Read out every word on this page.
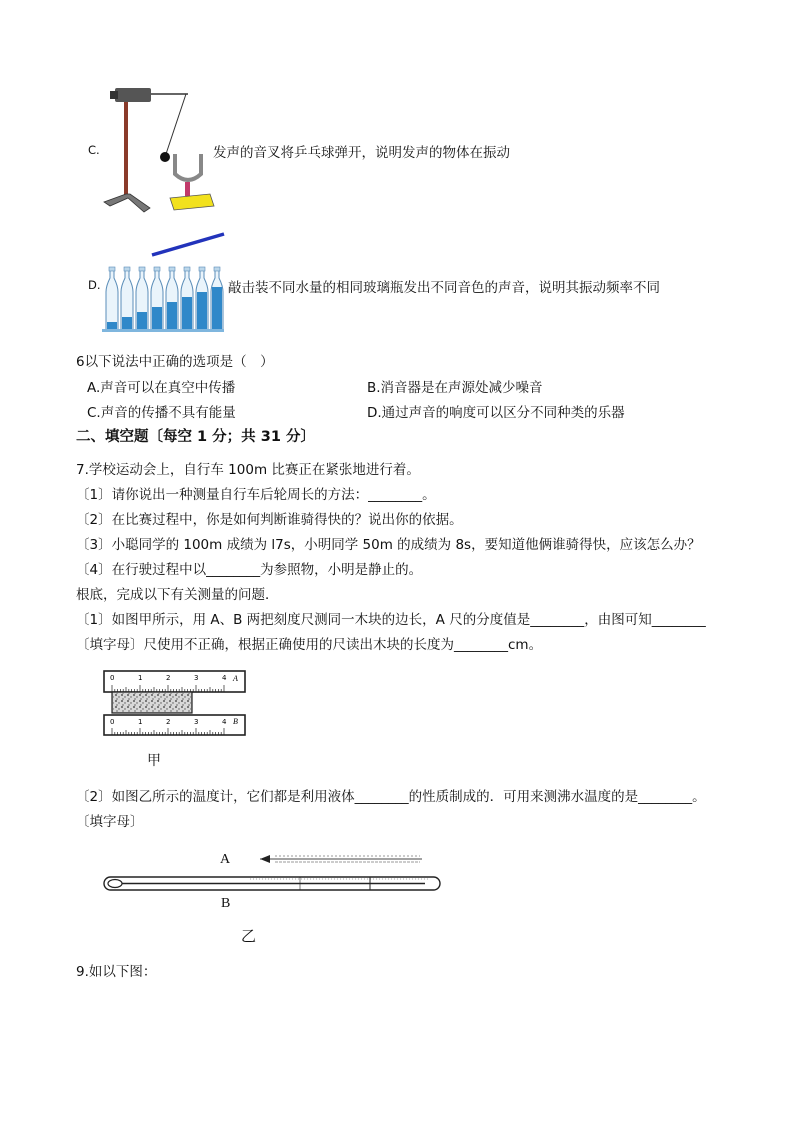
C.	发声的音叉将乒乓球弹开，说明发声的物体在振动
D.	敲击装不同水量的相同玻璃瓶发出不同音色的声音，说明其振动频率不同
6以下说法中正确的选项是（　）
A.声音可以在真空中传播	B.消音器是在声源处减少噪音
C.声音的传播不具有能量	D.通过声音的响度可以区分不同种类的乐器
二、填空题〔每空 1 分；共 31 分〕
7.学校运动会上，自行车 100m 比赛正在紧张地进行着。
〔1〕请你说出一种测量自行车后轮周长的方法：________。
〔2〕在比赛过程中，你是如何判断谁骑得快的？说出你的依据。
〔3〕小聪同学的 100m 成绩为 l7s，小明同学 50m 的成绩为 8s，要知道他俩谁骑得快，应该怎么办？
〔4〕在行驶过程中以________为参照物，小明是静止的。
根底，完成以下有关测量的问题．
〔1〕如图甲所示，用 A、B 两把刻度尺测同一木块的边长，A 尺的分度值是________，由图可知________
〔填字母〕尺使用不正确，根据正确使用的尺读出木块的长度为________cm。
0	1	2	3	4
0	1	2	3	4
A
B
甲
〔2〕如图乙所示的温度计，它们都是利用液体________的性质制成的．可用来测沸水温度的是________。
〔填字母〕
A
B
乙
9.如以下图：
